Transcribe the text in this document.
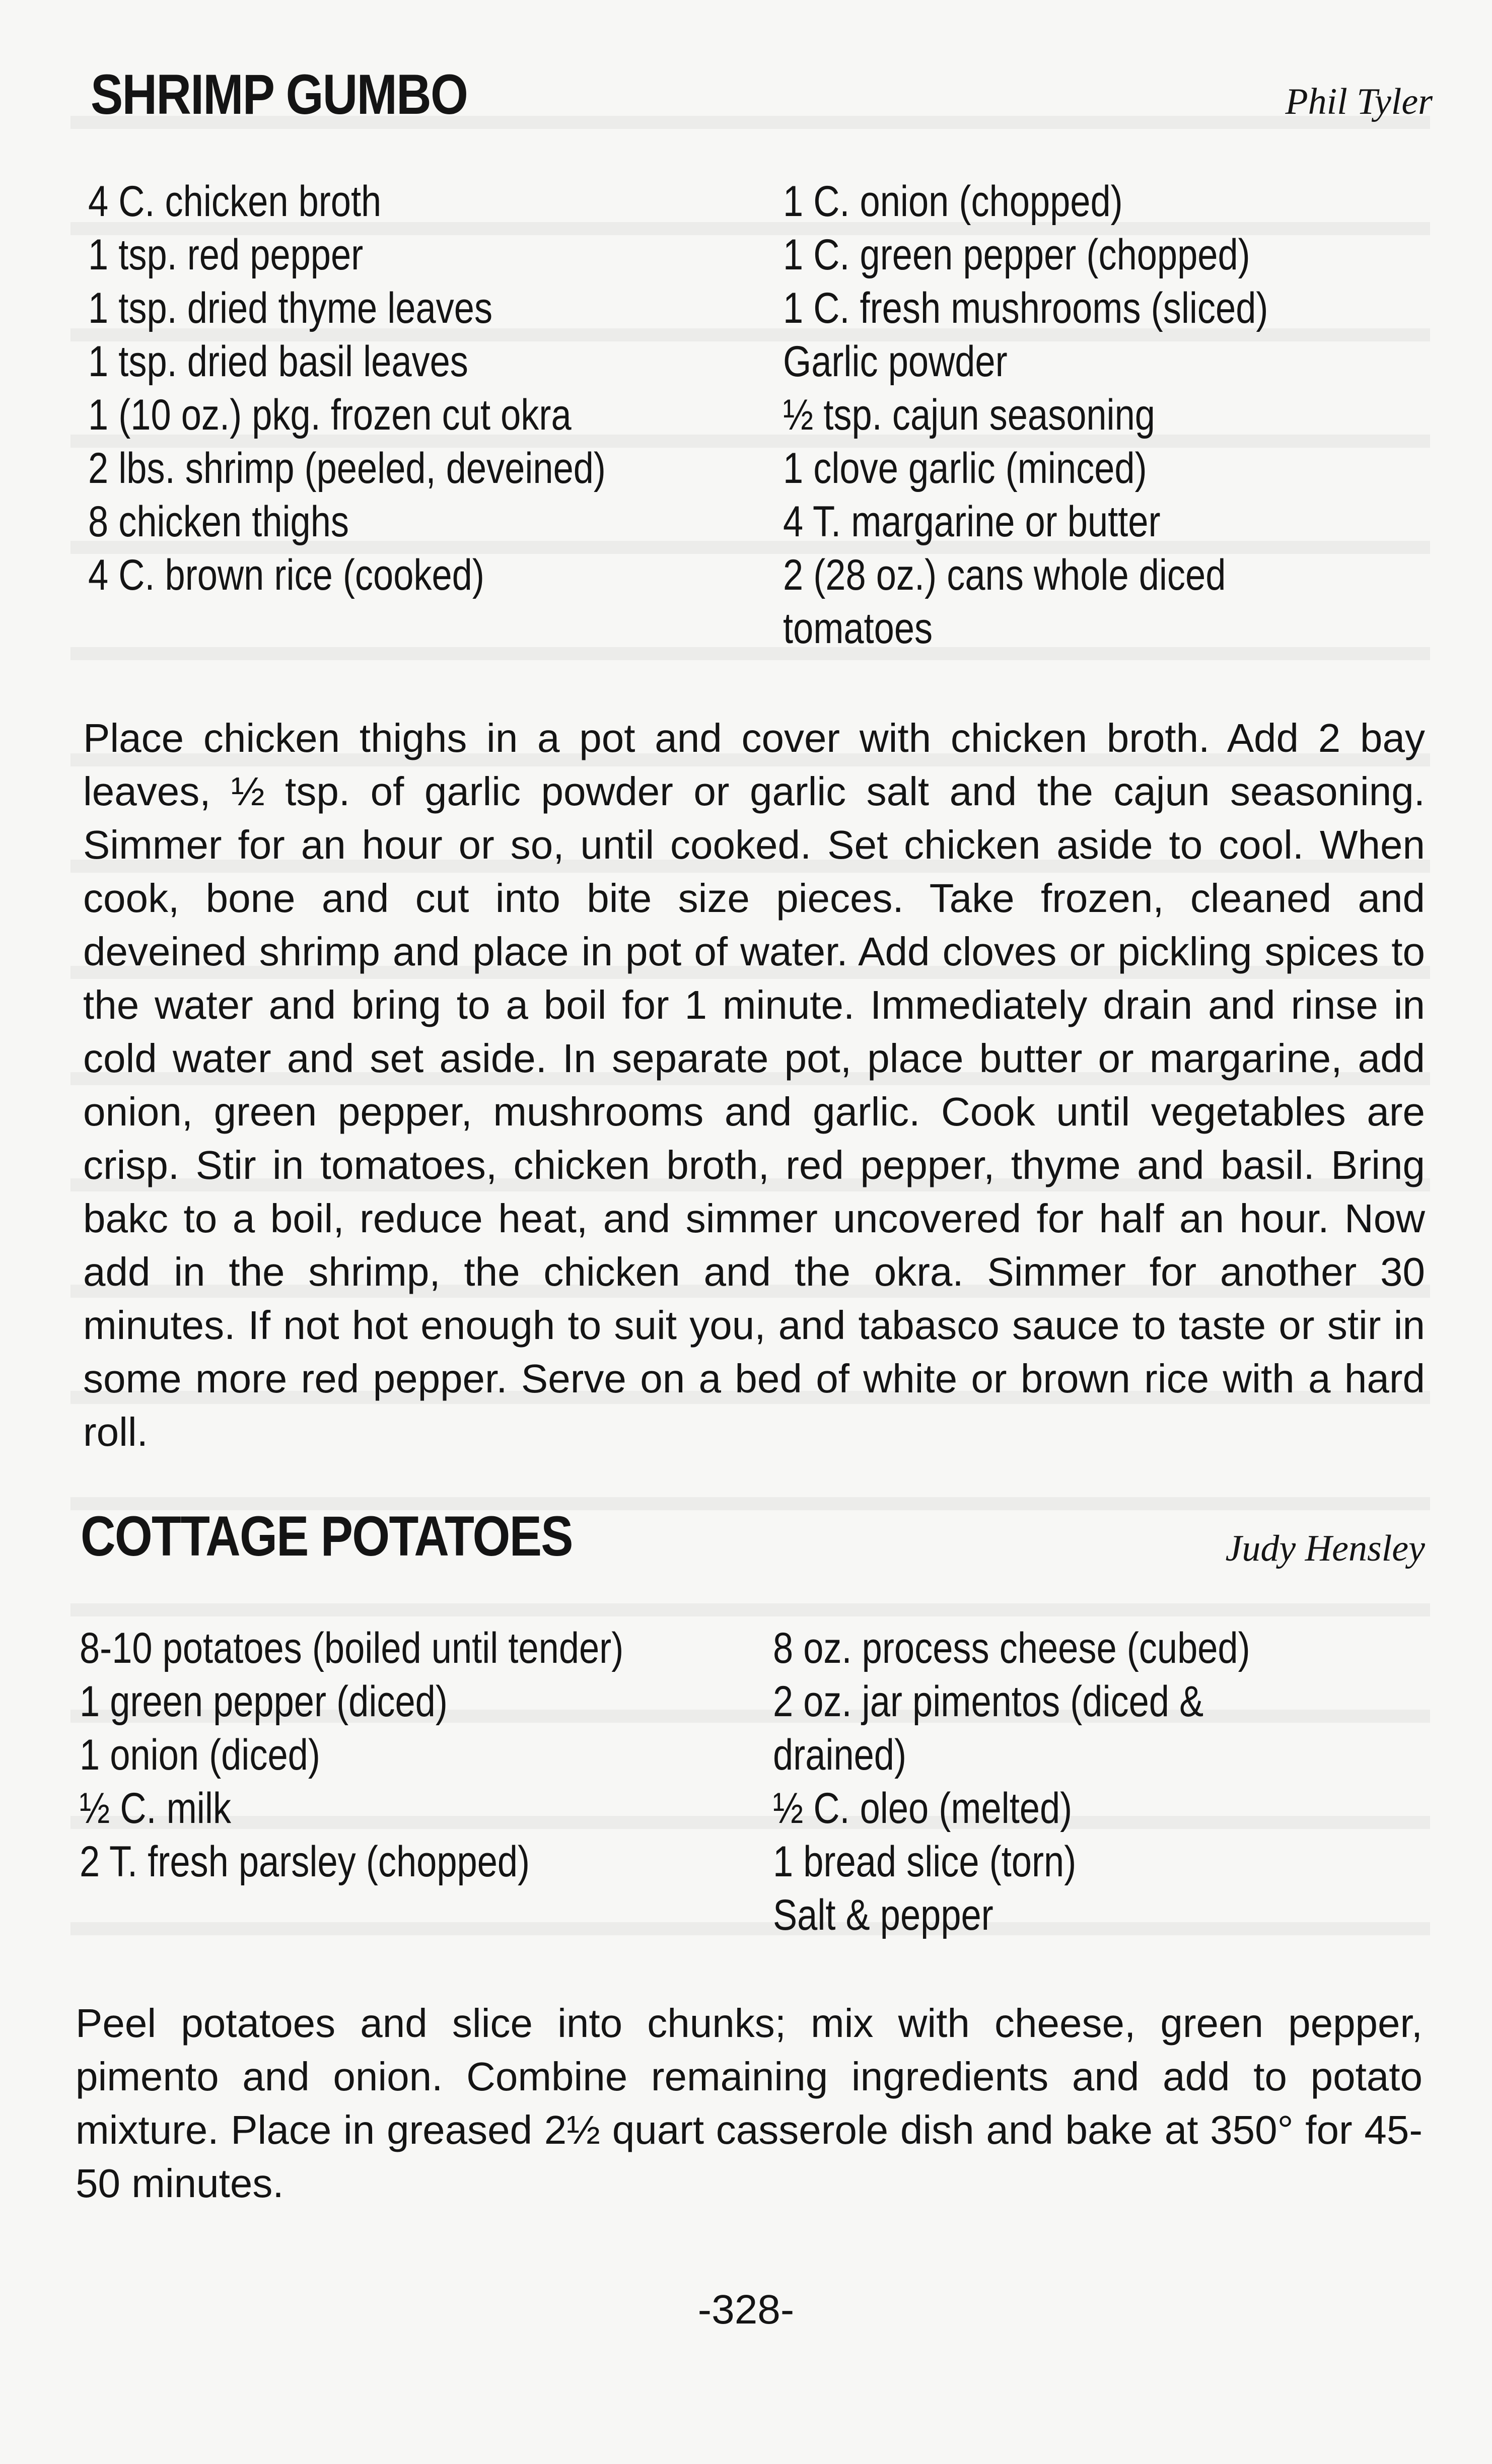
SHRIMP GUMBO	Phil Tyler
4 C. chicken broth
1 tsp. red pepper
1 tsp. dried thyme leaves
1 tsp. dried basil leaves
1 (10 oz.) pkg. frozen cut okra
2 lbs. shrimp (peeled, deveined)
8 chicken thighs
4 C. brown rice (cooked)
1 C. onion (chopped)
1 C. green pepper (chopped)
1 C. fresh mushrooms (sliced)
Garlic powder
½ tsp. cajun seasoning
1 clove garlic (minced)
4 T. margarine or butter
2 (28 oz.) cans whole diced
tomatoes

Place chicken thighs in a pot and cover with chicken broth. Add 2 bay leaves, ½ tsp. of garlic powder or garlic salt and the cajun seasoning. Simmer for an hour or so, until cooked. Set chicken aside to cool. When cook, bone and cut into bite size pieces. Take frozen, cleaned and deveined shrimp and place in pot of water. Add cloves or pickling spices to the water and bring to a boil for 1 minute. Immediately drain and rinse in cold water and set aside. In separate pot, place butter or margarine, add onion, green pepper, mushrooms and garlic. Cook until vegetables are crisp. Stir in tomatoes, chicken broth, red pepper, thyme and basil. Bring bakc to a boil, reduce heat, and simmer uncovered for half an hour. Now add in the shrimp, the chicken and the okra. Simmer for another 30 minutes. If not hot enough to suit you, and tabasco sauce to taste or stir in some more red pepper. Serve on a bed of white or brown rice with a hard roll.

COTTAGE POTATOES	Judy Hensley
8-10 potatoes (boiled until tender)
1 green pepper (diced)
1 onion (diced)
½ C. milk
2 T. fresh parsley (chopped)
8 oz. process cheese (cubed)
2 oz. jar pimentos (diced &
drained)
½ C. oleo (melted)
1 bread slice (torn)
Salt & pepper

Peel potatoes and slice into chunks; mix with cheese, green pepper, pimento and onion. Combine remaining ingredients and add to potato mixture. Place in greased 2½ quart casserole dish and bake at 350° for 45-50 minutes.

-328-
